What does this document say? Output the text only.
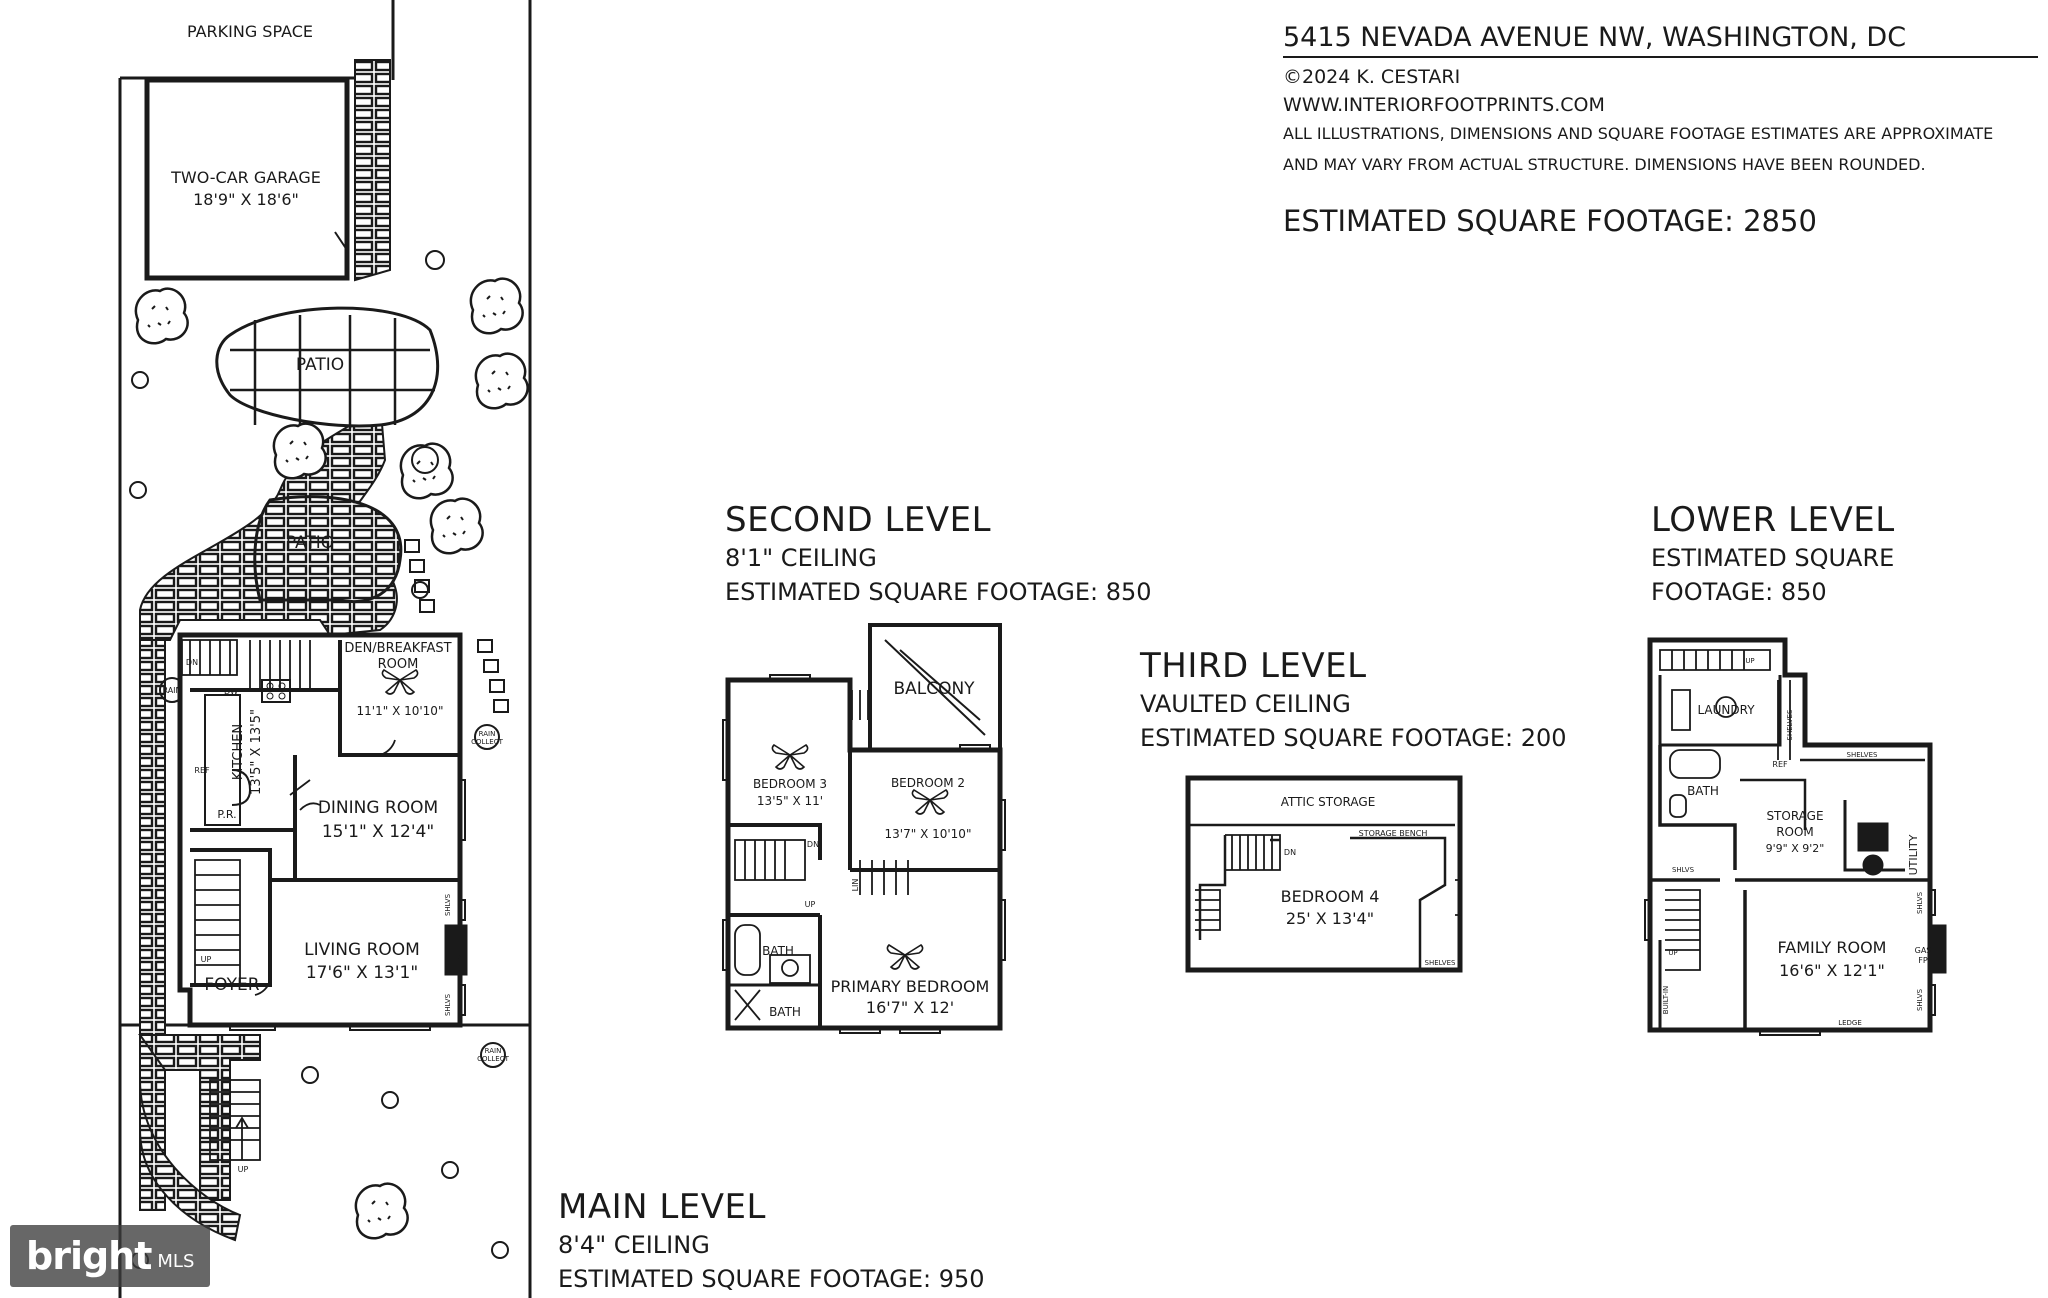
PARKING SPACE
TWO-CAR GARAGE
18'9" X 18'6"
PATIO
PATIO
RAIN
RAIN
COLLECT
RAIN
COLLECT
UP
DN
DEN/BREAKFAST
ROOM
11'1" X 10'10"
KITCHEN 13'5" X 13'5"
DW
REF
P.R.	DINING ROOM
15'1" X 12'4"
LIVING ROOM
17'6" X 13'1"
FOYER
FP
SHLVS
SHLVS
UP
BALCONY
BEDROOM 3
13'5" X 11'
BEDROOM 2
13'7" X 10'10"
LIN
BATH
BATH
PRIMARY BEDROOM
16'7" X 12'
DN
UP
ATTIC STORAGE
STORAGE BENCH
BEDROOM 4
25' X 13'4"
SHELVES
DN
LAUNDRY
BATH
SHELVES
SHELVES
REF
STORAGE
ROOM
9'9" X 9'2"	UTILITY
SHLVS
SHLVS
SHLVS
FAMILY ROOM
16'6" X 12'1"
GAS
FP
BUILT-IN
LEDGE
UP
UP
5415 NEVADA AVENUE NW, WASHINGTON, DC
©2024 K. CESTARI
WWW.INTERIORFOOTPRINTS.COM
ALL ILLUSTRATIONS, DIMENSIONS AND SQUARE FOOTAGE ESTIMATES ARE APPROXIMATE
AND MAY VARY FROM ACTUAL STRUCTURE. DIMENSIONS HAVE BEEN ROUNDED.
ESTIMATED SQUARE FOOTAGE: 2850
SECOND LEVEL
8'1" CEILING
ESTIMATED SQUARE FOOTAGE: 850
THIRD LEVEL
VAULTED CEILING
ESTIMATED SQUARE FOOTAGE: 200
LOWER LEVEL
ESTIMATED SQUARE
FOOTAGE: 850
MAIN LEVEL
8'4" CEILING
ESTIMATED SQUARE FOOTAGE: 950
bright MLS
